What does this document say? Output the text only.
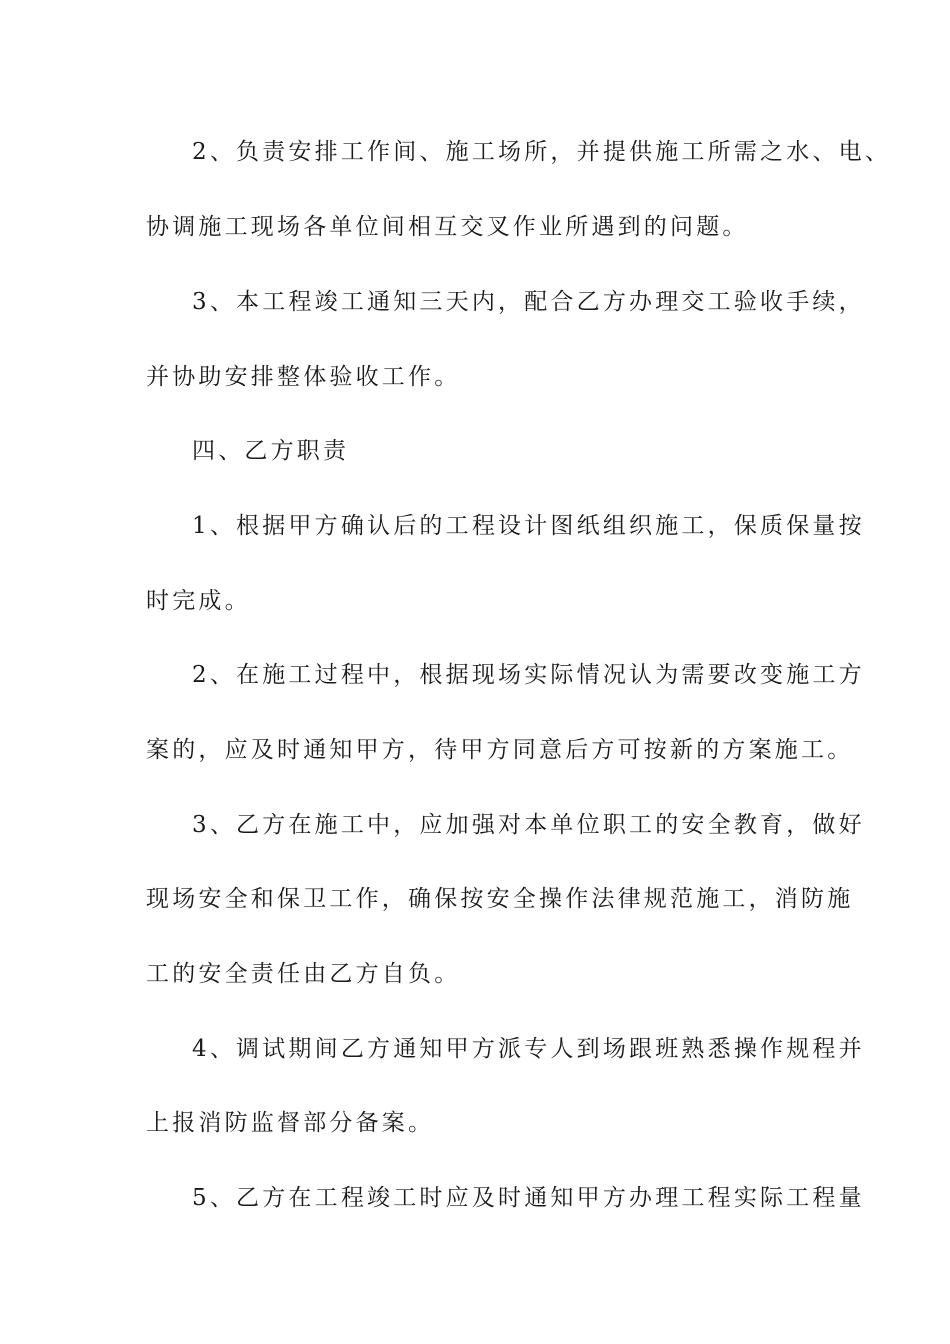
2、负责安排工作间、施工场所，并提供施工所需之水、电、
协调施工现场各单位间相互交叉作业所遇到的问题。
3、本工程竣工通知三天内，配合乙方办理交工验收手续，
并协助安排整体验收工作。
四、乙方职责
1、根据甲方确认后的工程设计图纸组织施工，保质保量按
时完成。
2、在施工过程中，根据现场实际情况认为需要改变施工方
案的，应及时通知甲方，待甲方同意后方可按新的方案施工。
3、乙方在施工中，应加强对本单位职工的安全教育，做好
现场安全和保卫工作，确保按安全操作法律规范施工，消防施
工的安全责任由乙方自负。
4、调试期间乙方通知甲方派专人到场跟班熟悉操作规程并
上报消防监督部分备案。
5、乙方在工程竣工时应及时通知甲方办理工程实际工程量
